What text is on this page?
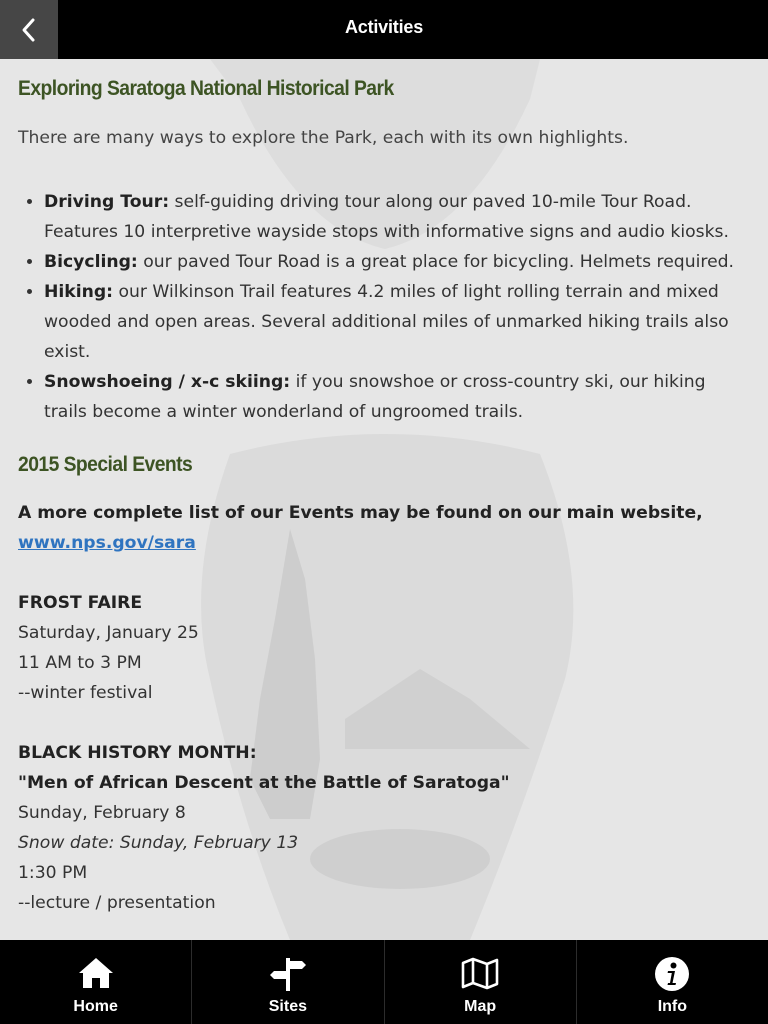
Activities
Exploring Saratoga National Historical Park

There are many ways to explore the Park, each with its own highlights.

• Driving Tour: self-guiding driving tour along our paved 10-mile Tour Road. Features 10 interpretive wayside stops with informative signs and audio kiosks.
• Bicycling: our paved Tour Road is a great place for bicycling. Helmets required.
• Hiking: our Wilkinson Trail features 4.2 miles of light rolling terrain and mixed wooded and open areas. Several additional miles of unmarked hiking trails also exist.
• Snowshoeing / x-c skiing: if you snowshoe or cross-country ski, our hiking trails become a winter wonderland of ungroomed trails.
2015 Special Events

A more complete list of our Events may be found on our main website,
www.nps.gov/sara

FROST FAIRE

Saturday, January 25

11 AM to 3 PM

--winter festival

BLACK HISTORY MONTH:

"Men of African Descent at the Battle of Saratoga"

Sunday, February 8

Snow date: Sunday, February 13

1:30 PM

--lecture / presentation

Home	Sites	Map	Info
